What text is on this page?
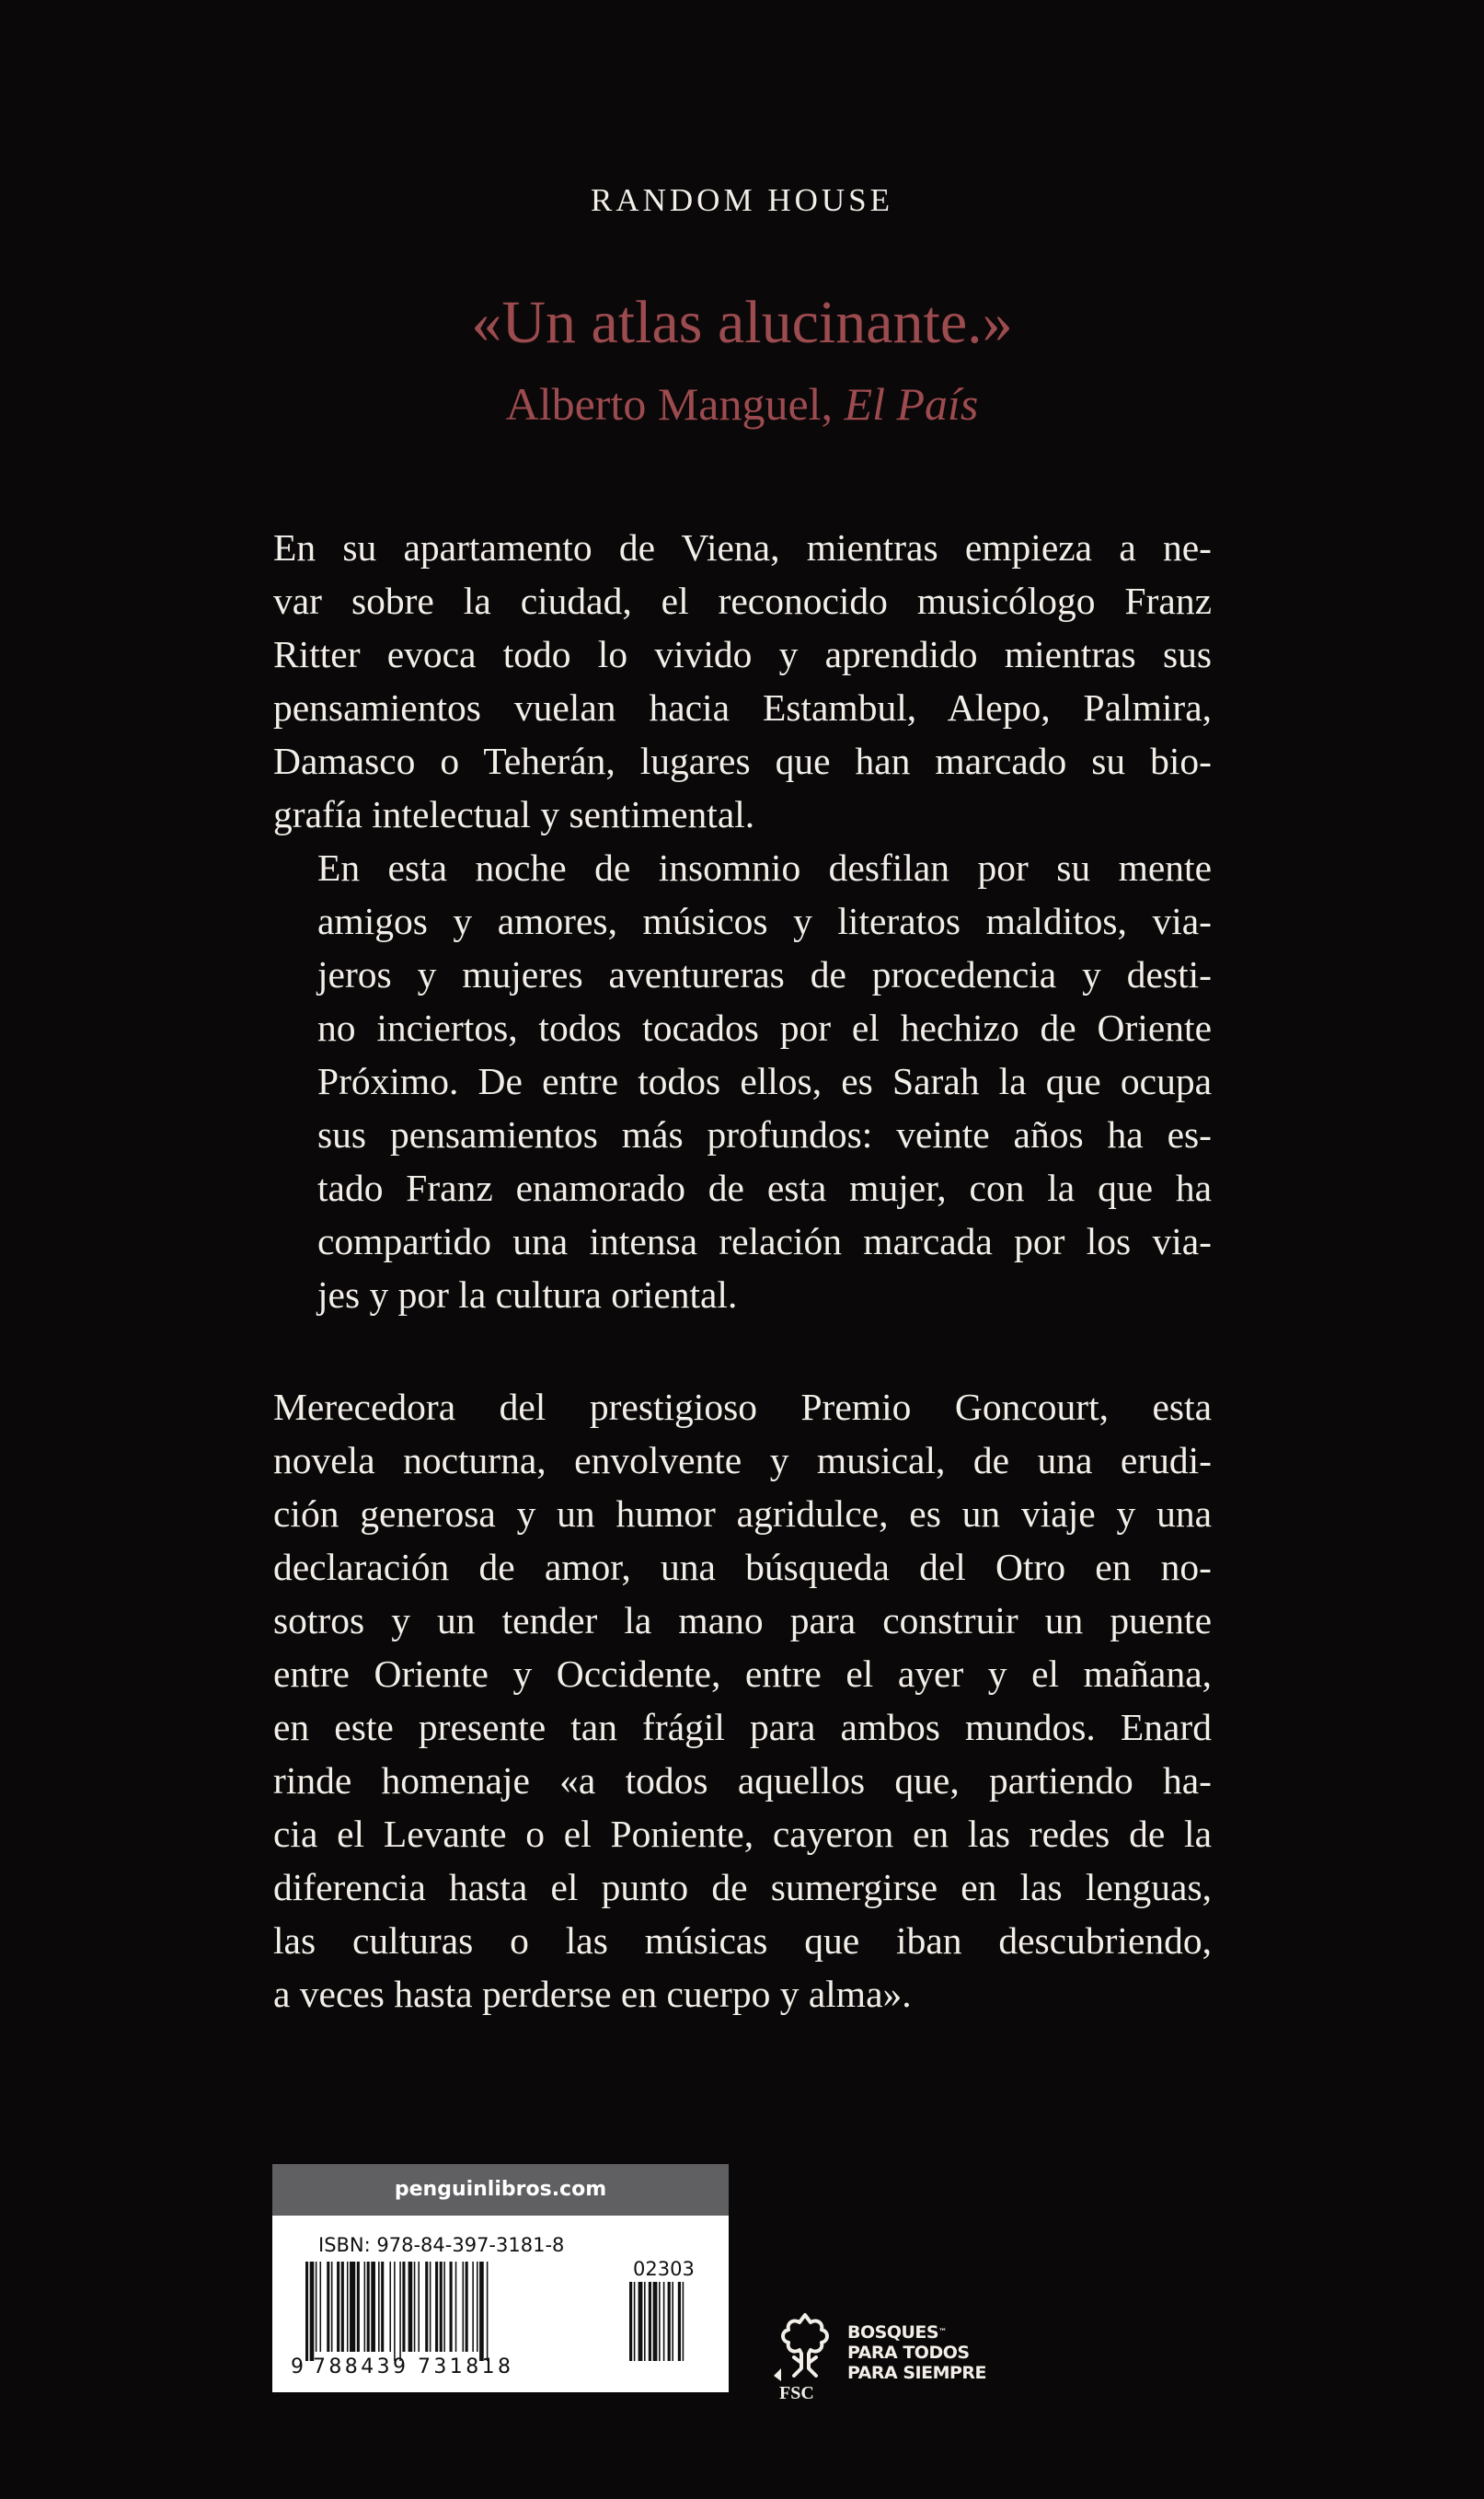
RANDOM HOUSE
«Un atlas alucinante.»
Alberto Manguel, El País

En su apartamento de Viena, mientras empieza a ne-
var sobre la ciudad, el reconocido musicólogo Franz
Ritter evoca todo lo vivido y aprendido mientras sus
pensamientos vuelan hacia Estambul, Alepo, Palmira,
Damasco o Teherán, lugares que han marcado su bio-
grafía intelectual y sentimental.

En esta noche de insomnio desfilan por su mente
amigos y amores, músicos y literatos malditos, via-
jeros y mujeres aventureras de procedencia y desti-
no inciertos, todos tocados por el hechizo de Oriente
Próximo. De entre todos ellos, es Sarah la que ocupa
sus pensamientos más profundos: veinte años ha es-
tado Franz enamorado de esta mujer, con la que ha
compartido una intensa relación marcada por los via-
jes y por la cultura oriental.

Merecedora del prestigioso Premio Goncourt, esta
novela nocturna, envolvente y musical, de una erudi-
ción generosa y un humor agridulce, es un viaje y una
declaración de amor, una búsqueda del Otro en no-
sotros y un tender la mano para construir un puente
entre Oriente y Occidente, entre el ayer y el mañana,
en este presente tan frágil para ambos mundos. Enard
rinde homenaje «a todos aquellos que, partiendo ha-
cia el Levante o el Poniente, cayeron en las redes de la
diferencia hasta el punto de sumergirse en las lenguas,
las culturas o las músicas que iban descubriendo,
a veces hasta perderse en cuerpo y alma».

penguinlibros.com
ISBN: 978-84-397-3181-8
02303
9 788439 731818
FSC
BOSQUES™
PARA TODOS
PARA SIEMPRE
